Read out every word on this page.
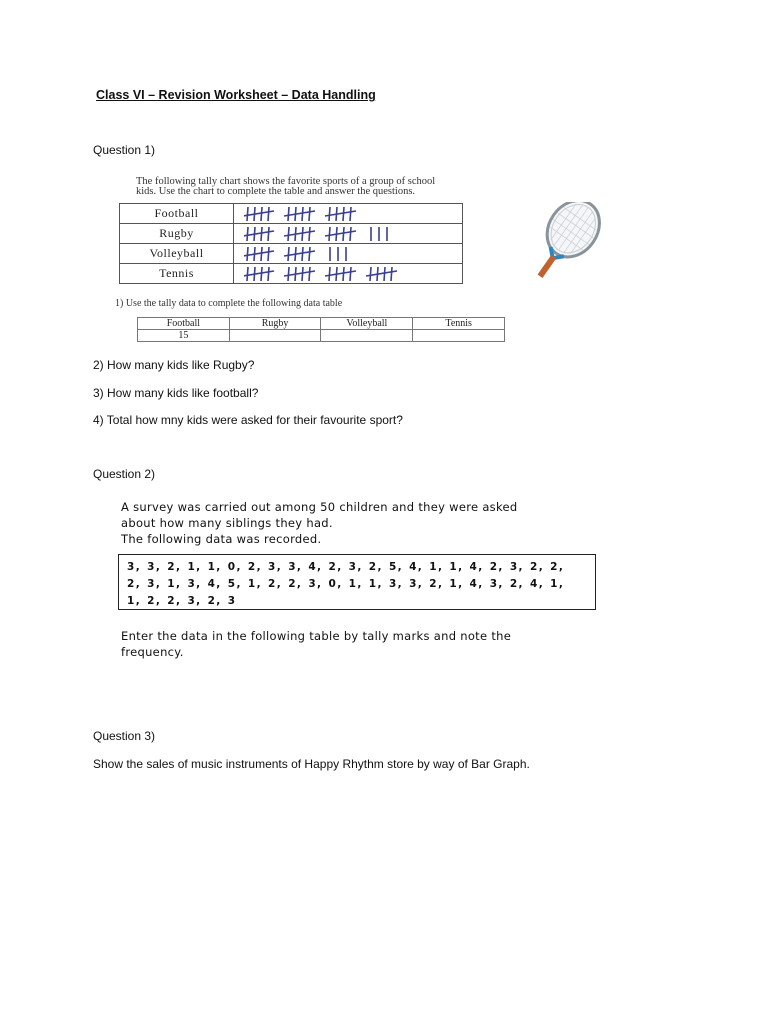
Class VI – Revision Worksheet – Data Handling
Question 1)
The following tally chart shows the favorite sports of a group of school
kids. Use the chart to complete the table and answer the questions.
Football	

Rugby	

Volleyball	

Tennis	
1) Use the tally data to complete the following data table
Football	Rugby	Volleyball	Tennis
15			
2) How many kids like Rugby?
3) How many kids like football?
4) Total how mny kids were asked for their favourite sport?
Question 2)
A survey was carried out among 50 children and they were asked
about how many siblings they had.
The following data was recorded.
3, 3, 2, 1, 1, 0, 2, 3, 3, 4, 2, 3, 2, 5, 4, 1, 1, 4, 2, 3, 2, 2,
2, 3, 1, 3, 4, 5, 1, 2, 2, 3, 0, 1, 1, 3, 3, 2, 1, 4, 3, 2, 4, 1,
1, 2, 2, 3, 2, 3
Enter the data in the following table by tally marks and note the
frequency.
Question 3)
Show the sales of music instruments of Happy Rhythm store by way of Bar Graph.
